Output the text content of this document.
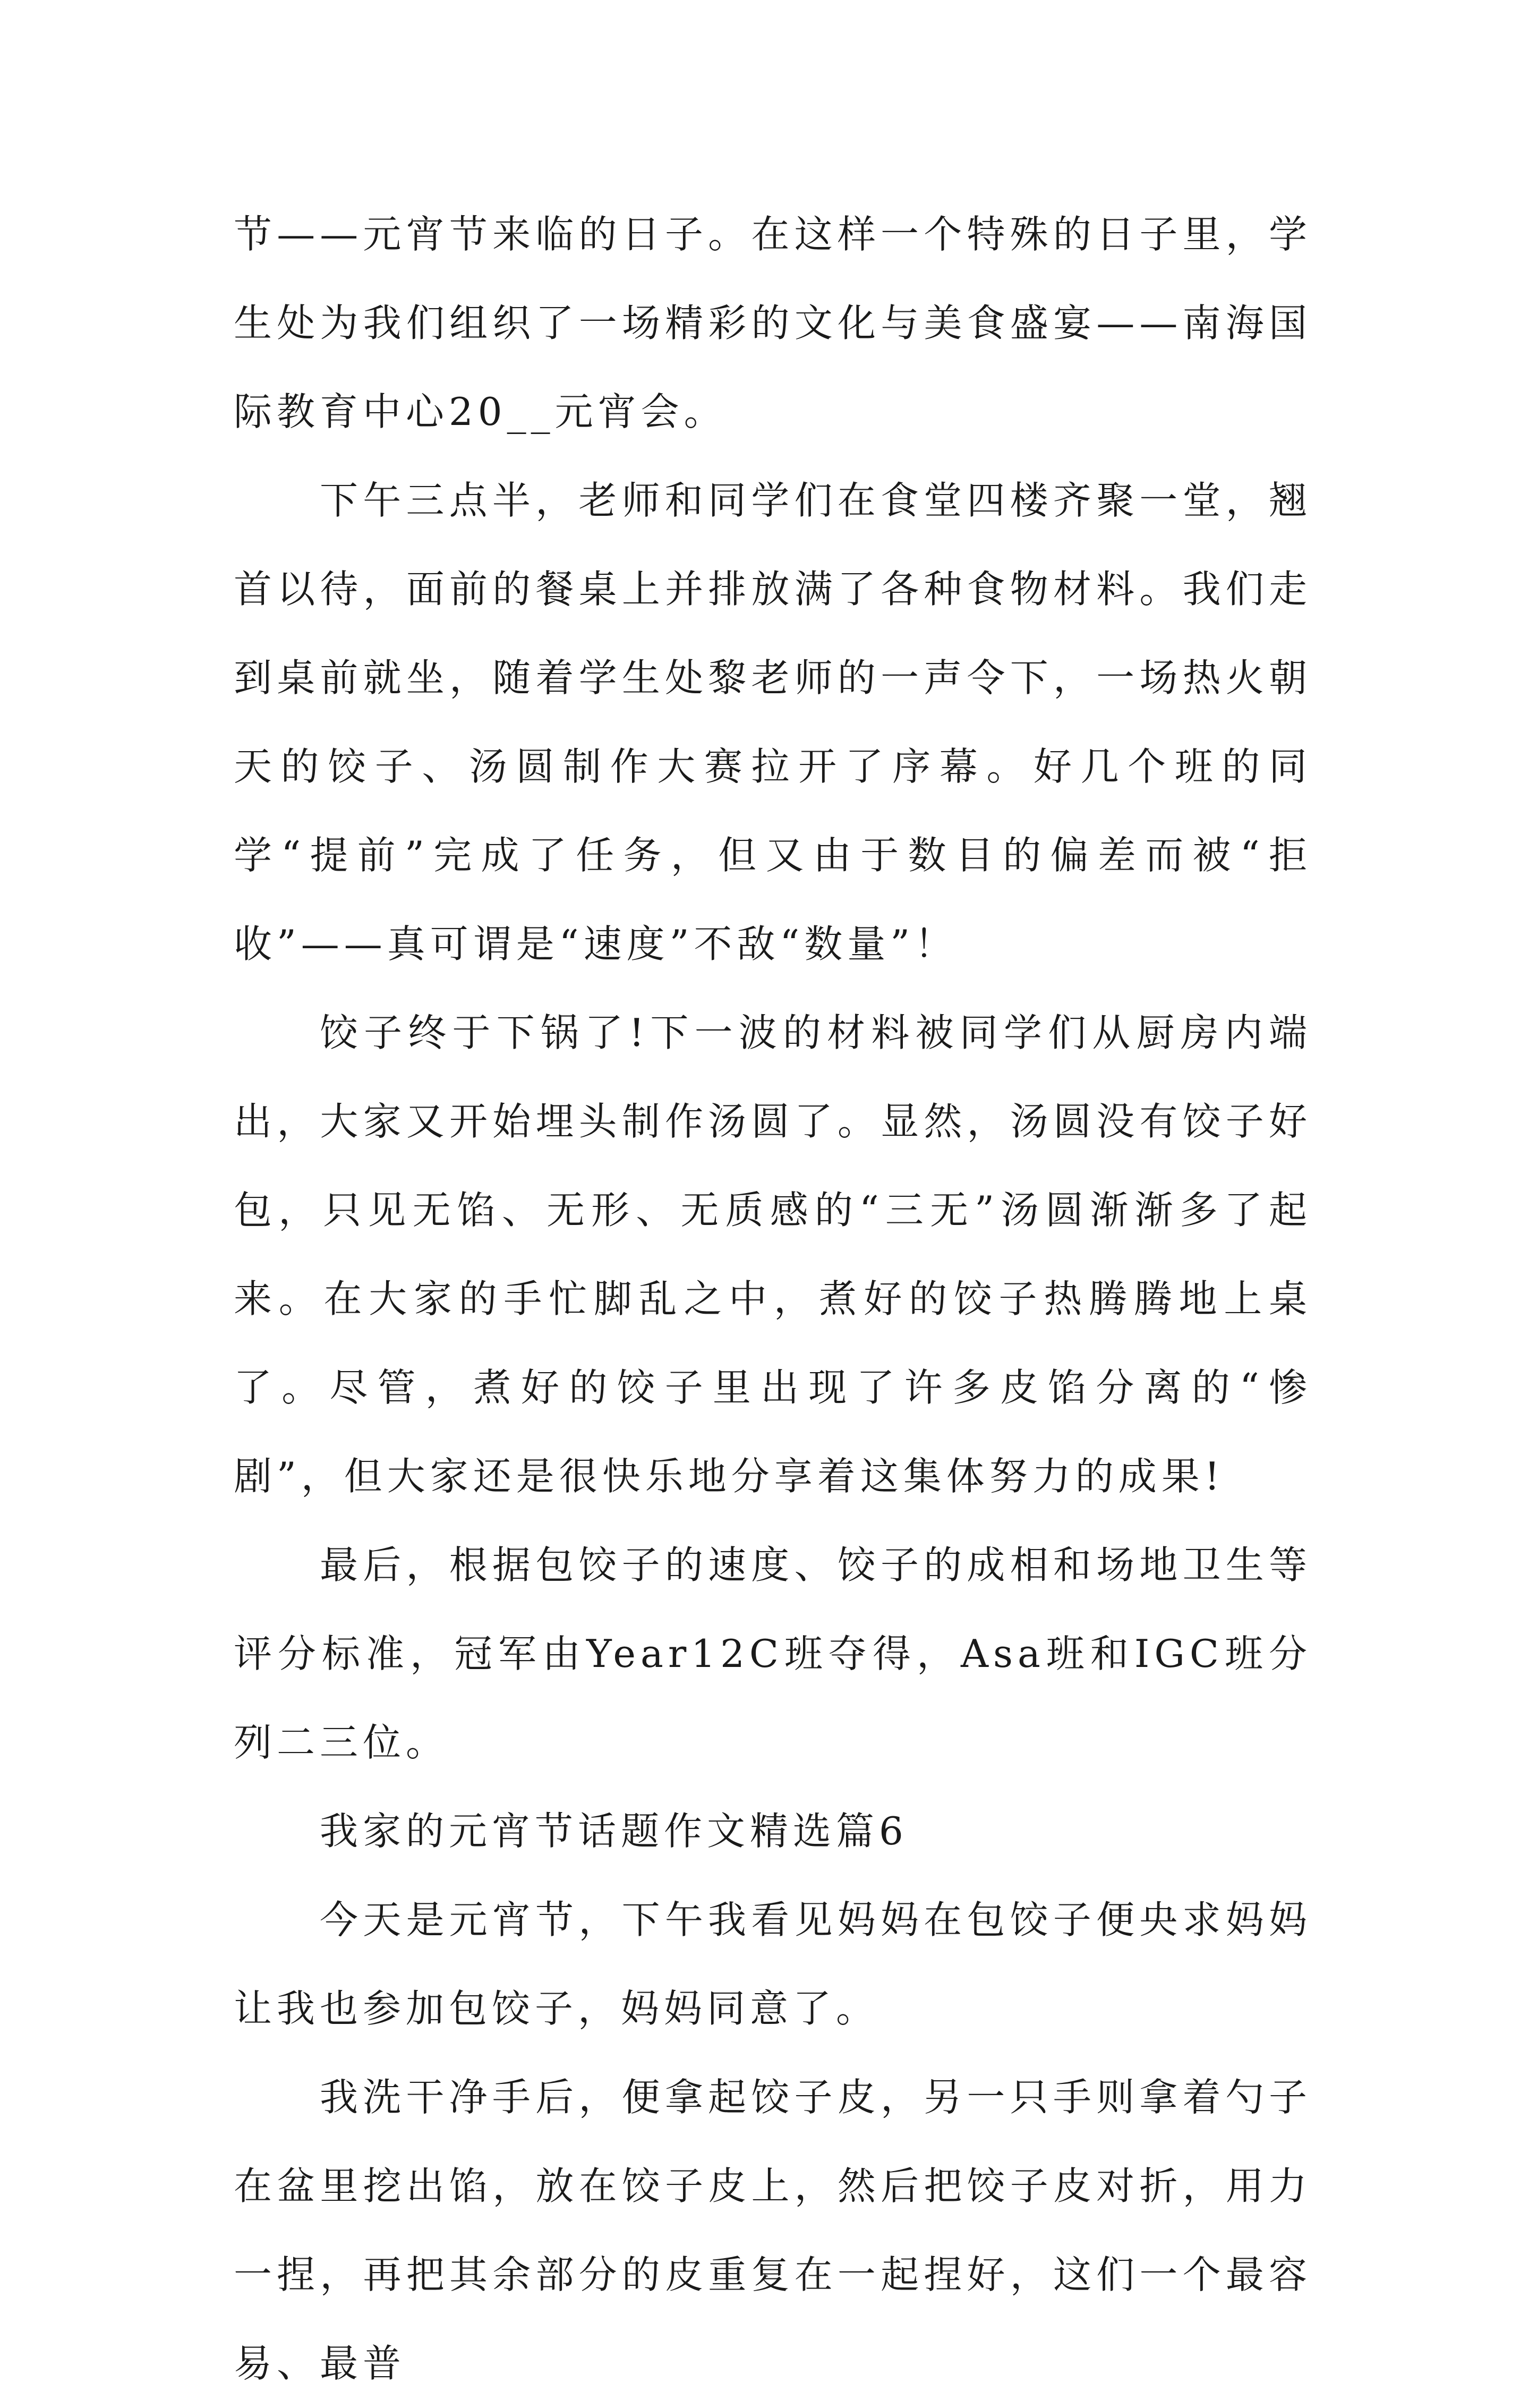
节——元宵节来临的日子。在这样一个特殊的日子里，学生处为我们组织了一场精彩的文化与美食盛宴——南海国际教育中心20__元宵会。

下午三点半，老师和同学们在食堂四楼齐聚一堂，翘首以待，面前的餐桌上并排放满了各种食物材料。我们走到桌前就坐，随着学生处黎老师的一声令下，一场热火朝天的饺子、汤圆制作大赛拉开了序幕。好几个班的同学“提前”完成了任务，但又由于数目的偏差而被“拒收”——真可谓是“速度”不敌“数量”！

饺子终于下锅了!下一波的材料被同学们从厨房内端出，大家又开始埋头制作汤圆了。显然，汤圆没有饺子好包，只见无馅、无形、无质感的“三无”汤圆渐渐多了起来。在大家的手忙脚乱之中，煮好的饺子热腾腾地上桌了。尽管，煮好的饺子里出现了许多皮馅分离的“惨剧”，但大家还是很快乐地分享着这集体努力的成果!

最后，根据包饺子的速度、饺子的成相和场地卫生等评分标准，冠军由Year12C班夺得，Asa班和IGC班分列二三位。

我家的元宵节话题作文精选篇6

今天是元宵节，下午我看见妈妈在包饺子便央求妈妈让我也参加包饺子，妈妈同意了。

我洗干净手后，便拿起饺子皮，另一只手则拿着勺子在盆里挖出馅，放在饺子皮上，然后把饺子皮对折，用力一捏，再把其余部分的皮重复在一起捏好，这们一个最容易、最普
